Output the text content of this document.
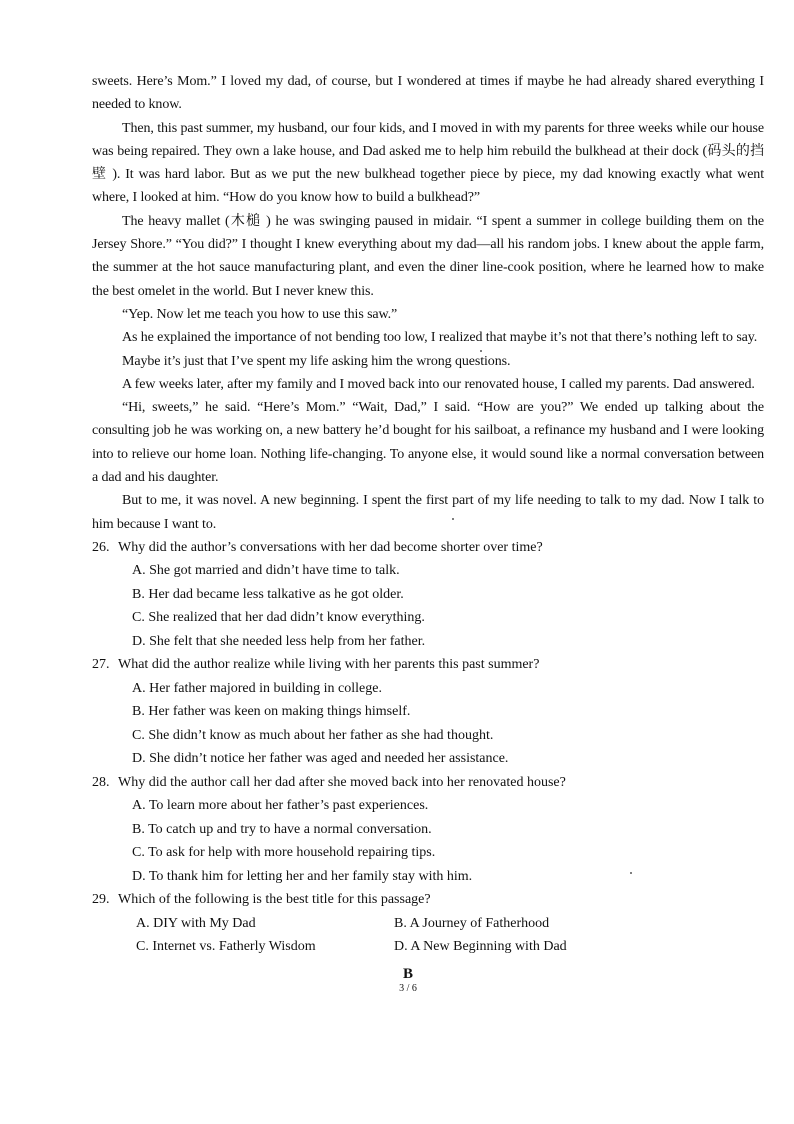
sweets. Here’s Mom.” I loved my dad, of course, but I wondered at times if maybe he had already shared everything I needed to know.

Then, this past summer, my husband, our four kids, and I moved in with my parents for three weeks while our house was being repaired. They own a lake house, and Dad asked me to help him rebuild the bulkhead at their dock (码头的挡壁 ). It was hard labor. But as we put the new bulkhead together piece by piece, my dad knowing exactly what went where, I looked at him. “How do you know how to build a bulkhead?”

The heavy mallet (木槌 ) he was swinging paused in midair. “I spent a summer in college building them on the Jersey Shore.” “You did?” I thought I knew everything about my dad—all his random jobs. I knew about the apple farm, the summer at the hot sauce manufacturing plant, and even the diner line-cook position, where he learned how to make the best omelet in the world. But I never knew this.

“Yep. Now let me teach you how to use this saw.”

As he explained the importance of not bending too low, I realized that maybe it’s not that there’s nothing left to say.

Maybe it’s just that I’ve spent my life asking him the wrong questions.

A few weeks later, after my family and I moved back into our renovated house, I called my parents. Dad answered.

“Hi, sweets,” he said. “Here’s Mom.” “Wait, Dad,” I said. “How are you?” We ended up talking about the consulting job he was working on, a new battery he’d bought for his sailboat, a refinance my husband and I were looking into to relieve our home loan. Nothing life-changing. To anyone else, it would sound like a normal conversation between a dad and his daughter.

But to me, it was novel. A new beginning. I spent the first part of my life needing to talk to my dad. Now I talk to him because I want to.

26. Why did the author’s conversations with her dad become shorter over time?

A. She got married and didn’t have time to talk.

B. Her dad became less talkative as he got older.

C. She realized that her dad didn’t know everything.

D. She felt that she needed less help from her father.

27. What did the author realize while living with her parents this past summer?

A. Her father majored in building in college.

B. Her father was keen on making things himself.

C. She didn’t know as much about her father as she had thought.

D. She didn’t notice her father was aged and needed her assistance.

28. Why did the author call her dad after she moved back into her renovated house?

A. To learn more about her father’s past experiences.

B. To catch up and try to have a normal conversation.

C. To ask for help with more household repairing tips.

D. To thank him for letting her and her family stay with him.

29. Which of the following is the best title for this passage?
A. DIY with My Dad	B. A Journey of Fatherhood
C. Internet vs. Fatherly Wisdom	D. A New Beginning with Dad
B
3 / 6
